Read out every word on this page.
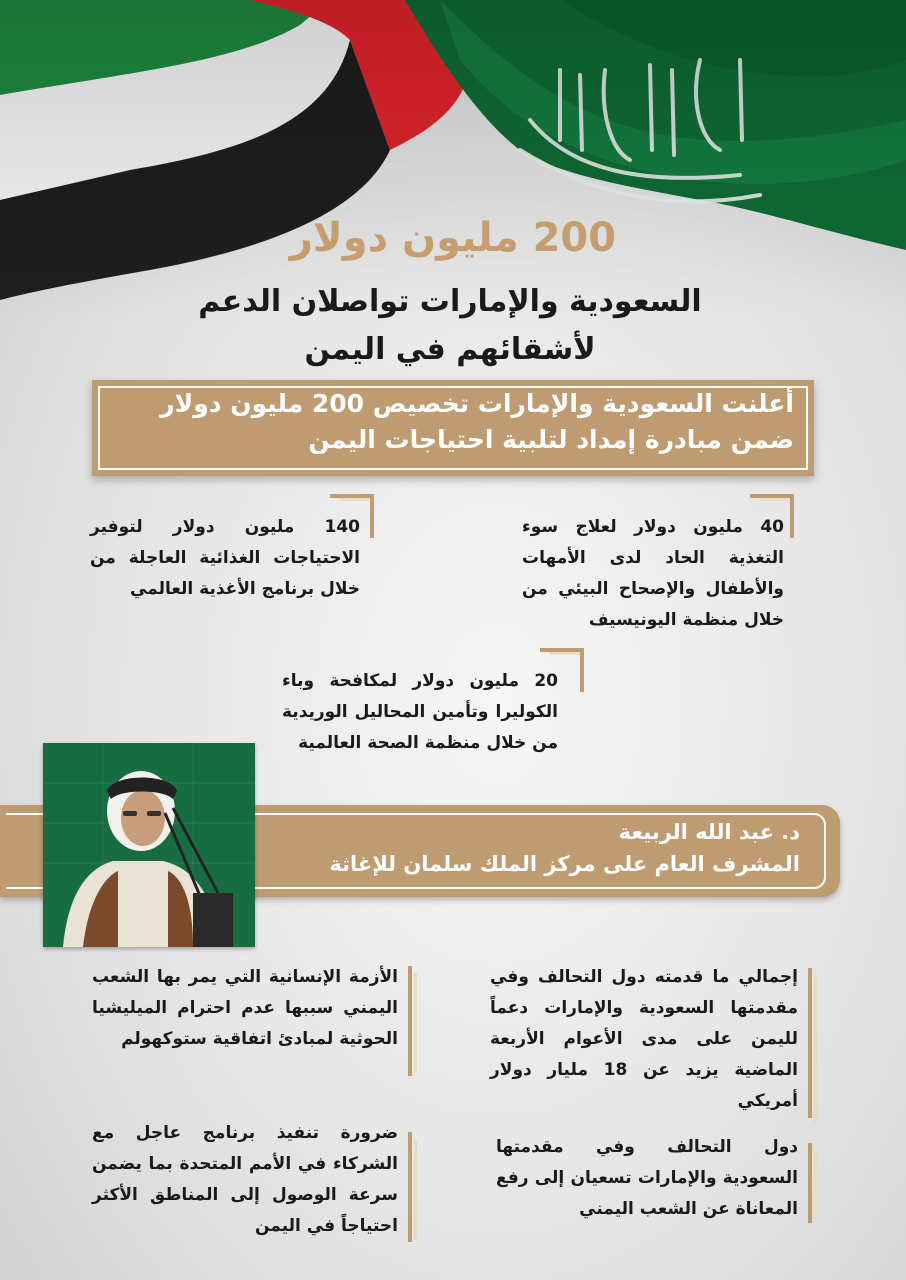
200 مليون دولار
السعودية والإمارات تواصلان الدعم
لأشقائهم في اليمن
أعلنت السعودية والإمارات تخصيص 200 مليون دولار
ضمن مبادرة إمداد لتلبية احتياجات اليمن
40 مليون دولار لعلاج سوء التغذية الحاد لدى الأمهات والأطفال والإصحاح البيئي من خلال منظمة اليونيسيف
140 مليون دولار لتوفير الاحتياجات الغذائية العاجلة من خلال برنامج الأغذية العالمي
20 مليون دولار لمكافحة وباء الكوليرا وتأمين المحاليل الوريدية من خلال منظمة الصحة العالمية
د. عبد الله الربيعة
المشرف العام على مركز الملك سلمان للإغاثة
إجمالي ما قدمته دول التحالف وفي مقدمتها السعودية والإمارات دعماً لليمن على مدى الأعوام الأربعة الماضية يزيد عن 18 مليار دولار أمريكي
الأزمة الإنسانية التي يمر بها الشعب اليمني سببها عدم احترام الميليشيا الحوثية لمبادئ اتفاقية ستوكهولم
دول التحالف وفي مقدمتها السعودية والإمارات تسعيان إلى رفع المعاناة عن الشعب اليمني
ضرورة تنفيذ برنامج عاجل مع الشركاء في الأمم المتحدة بما يضمن سرعة الوصول إلى المناطق الأكثر احتياجاً في اليمن
